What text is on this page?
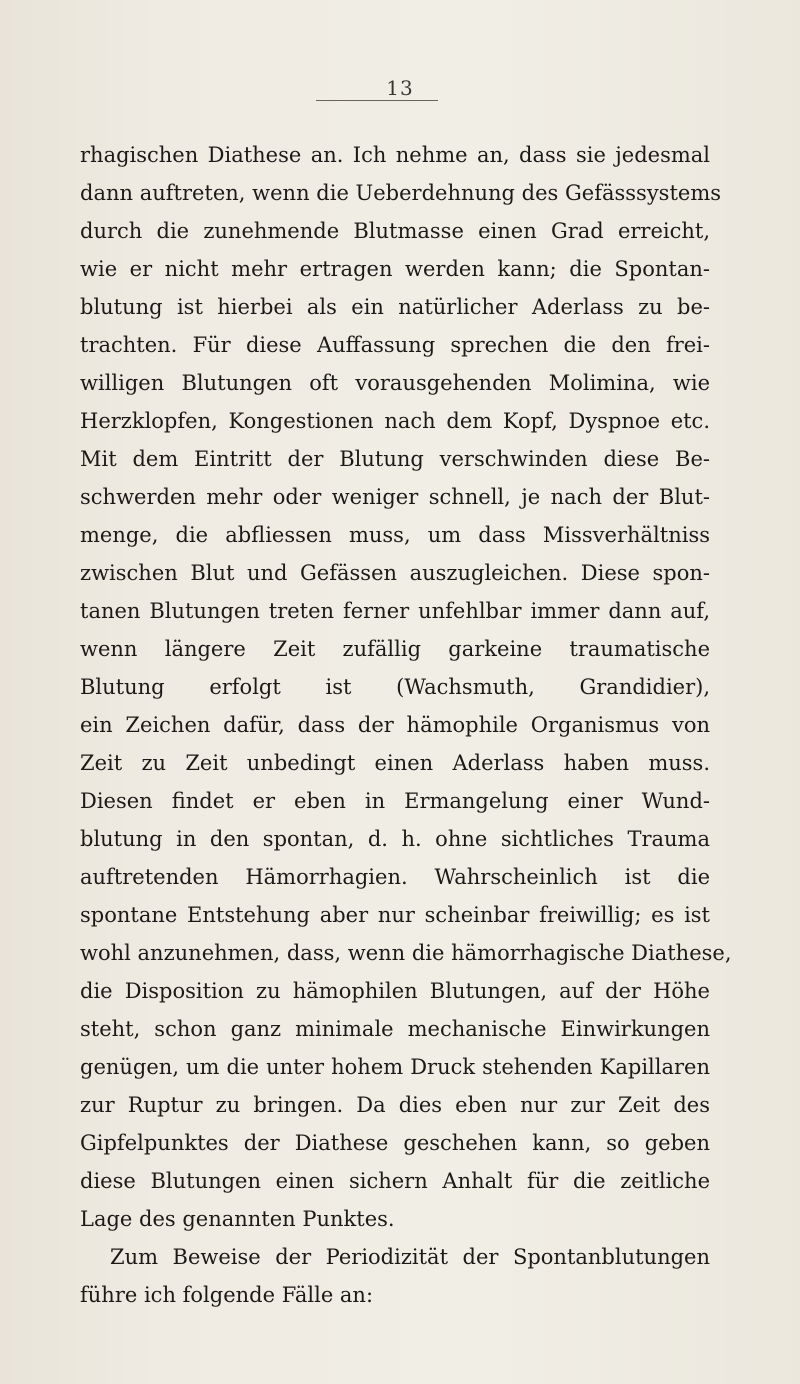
13
rhagischen Diathese an. Ich nehme an, dass sie jedesmal
dann auftreten, wenn die Ueberdehnung des Gefässsystems
durch die zunehmende Blutmasse einen Grad erreicht,
wie er nicht mehr ertragen werden kann; die Spontan-
blutung ist hierbei als ein natürlicher Aderlass zu be-
trachten. Für diese Auffassung sprechen die den frei-
willigen Blutungen oft vorausgehenden Molimina, wie
Herzklopfen, Kongestionen nach dem Kopf, Dyspnoe etc.
Mit dem Eintritt der Blutung verschwinden diese Be-
schwerden mehr oder weniger schnell, je nach der Blut-
menge, die abfliessen muss, um dass Missverhältniss
zwischen Blut und Gefässen auszugleichen. Diese spon-
tanen Blutungen treten ferner unfehlbar immer dann auf,
wenn längere Zeit zufällig garkeine traumatische
Blutung erfolgt ist (Wachsmuth, Grandidier),
ein Zeichen dafür, dass der hämophile Organismus von
Zeit zu Zeit unbedingt einen Aderlass haben muss.
Diesen findet er eben in Ermangelung einer Wund-
blutung in den spontan, d. h. ohne sichtliches Trauma
auftretenden Hämorrhagien. Wahrscheinlich ist die
spontane Entstehung aber nur scheinbar freiwillig; es ist
wohl anzunehmen, dass, wenn die hämorrhagische Diathese,
die Disposition zu hämophilen Blutungen, auf der Höhe
steht, schon ganz minimale mechanische Einwirkungen
genügen, um die unter hohem Druck stehenden Kapillaren
zur Ruptur zu bringen. Da dies eben nur zur Zeit des
Gipfelpunktes der Diathese geschehen kann, so geben
diese Blutungen einen sichern Anhalt für die zeitliche
Lage des genannten Punktes.
Zum Beweise der Periodizität der Spontanblutungen
führe ich folgende Fälle an:
